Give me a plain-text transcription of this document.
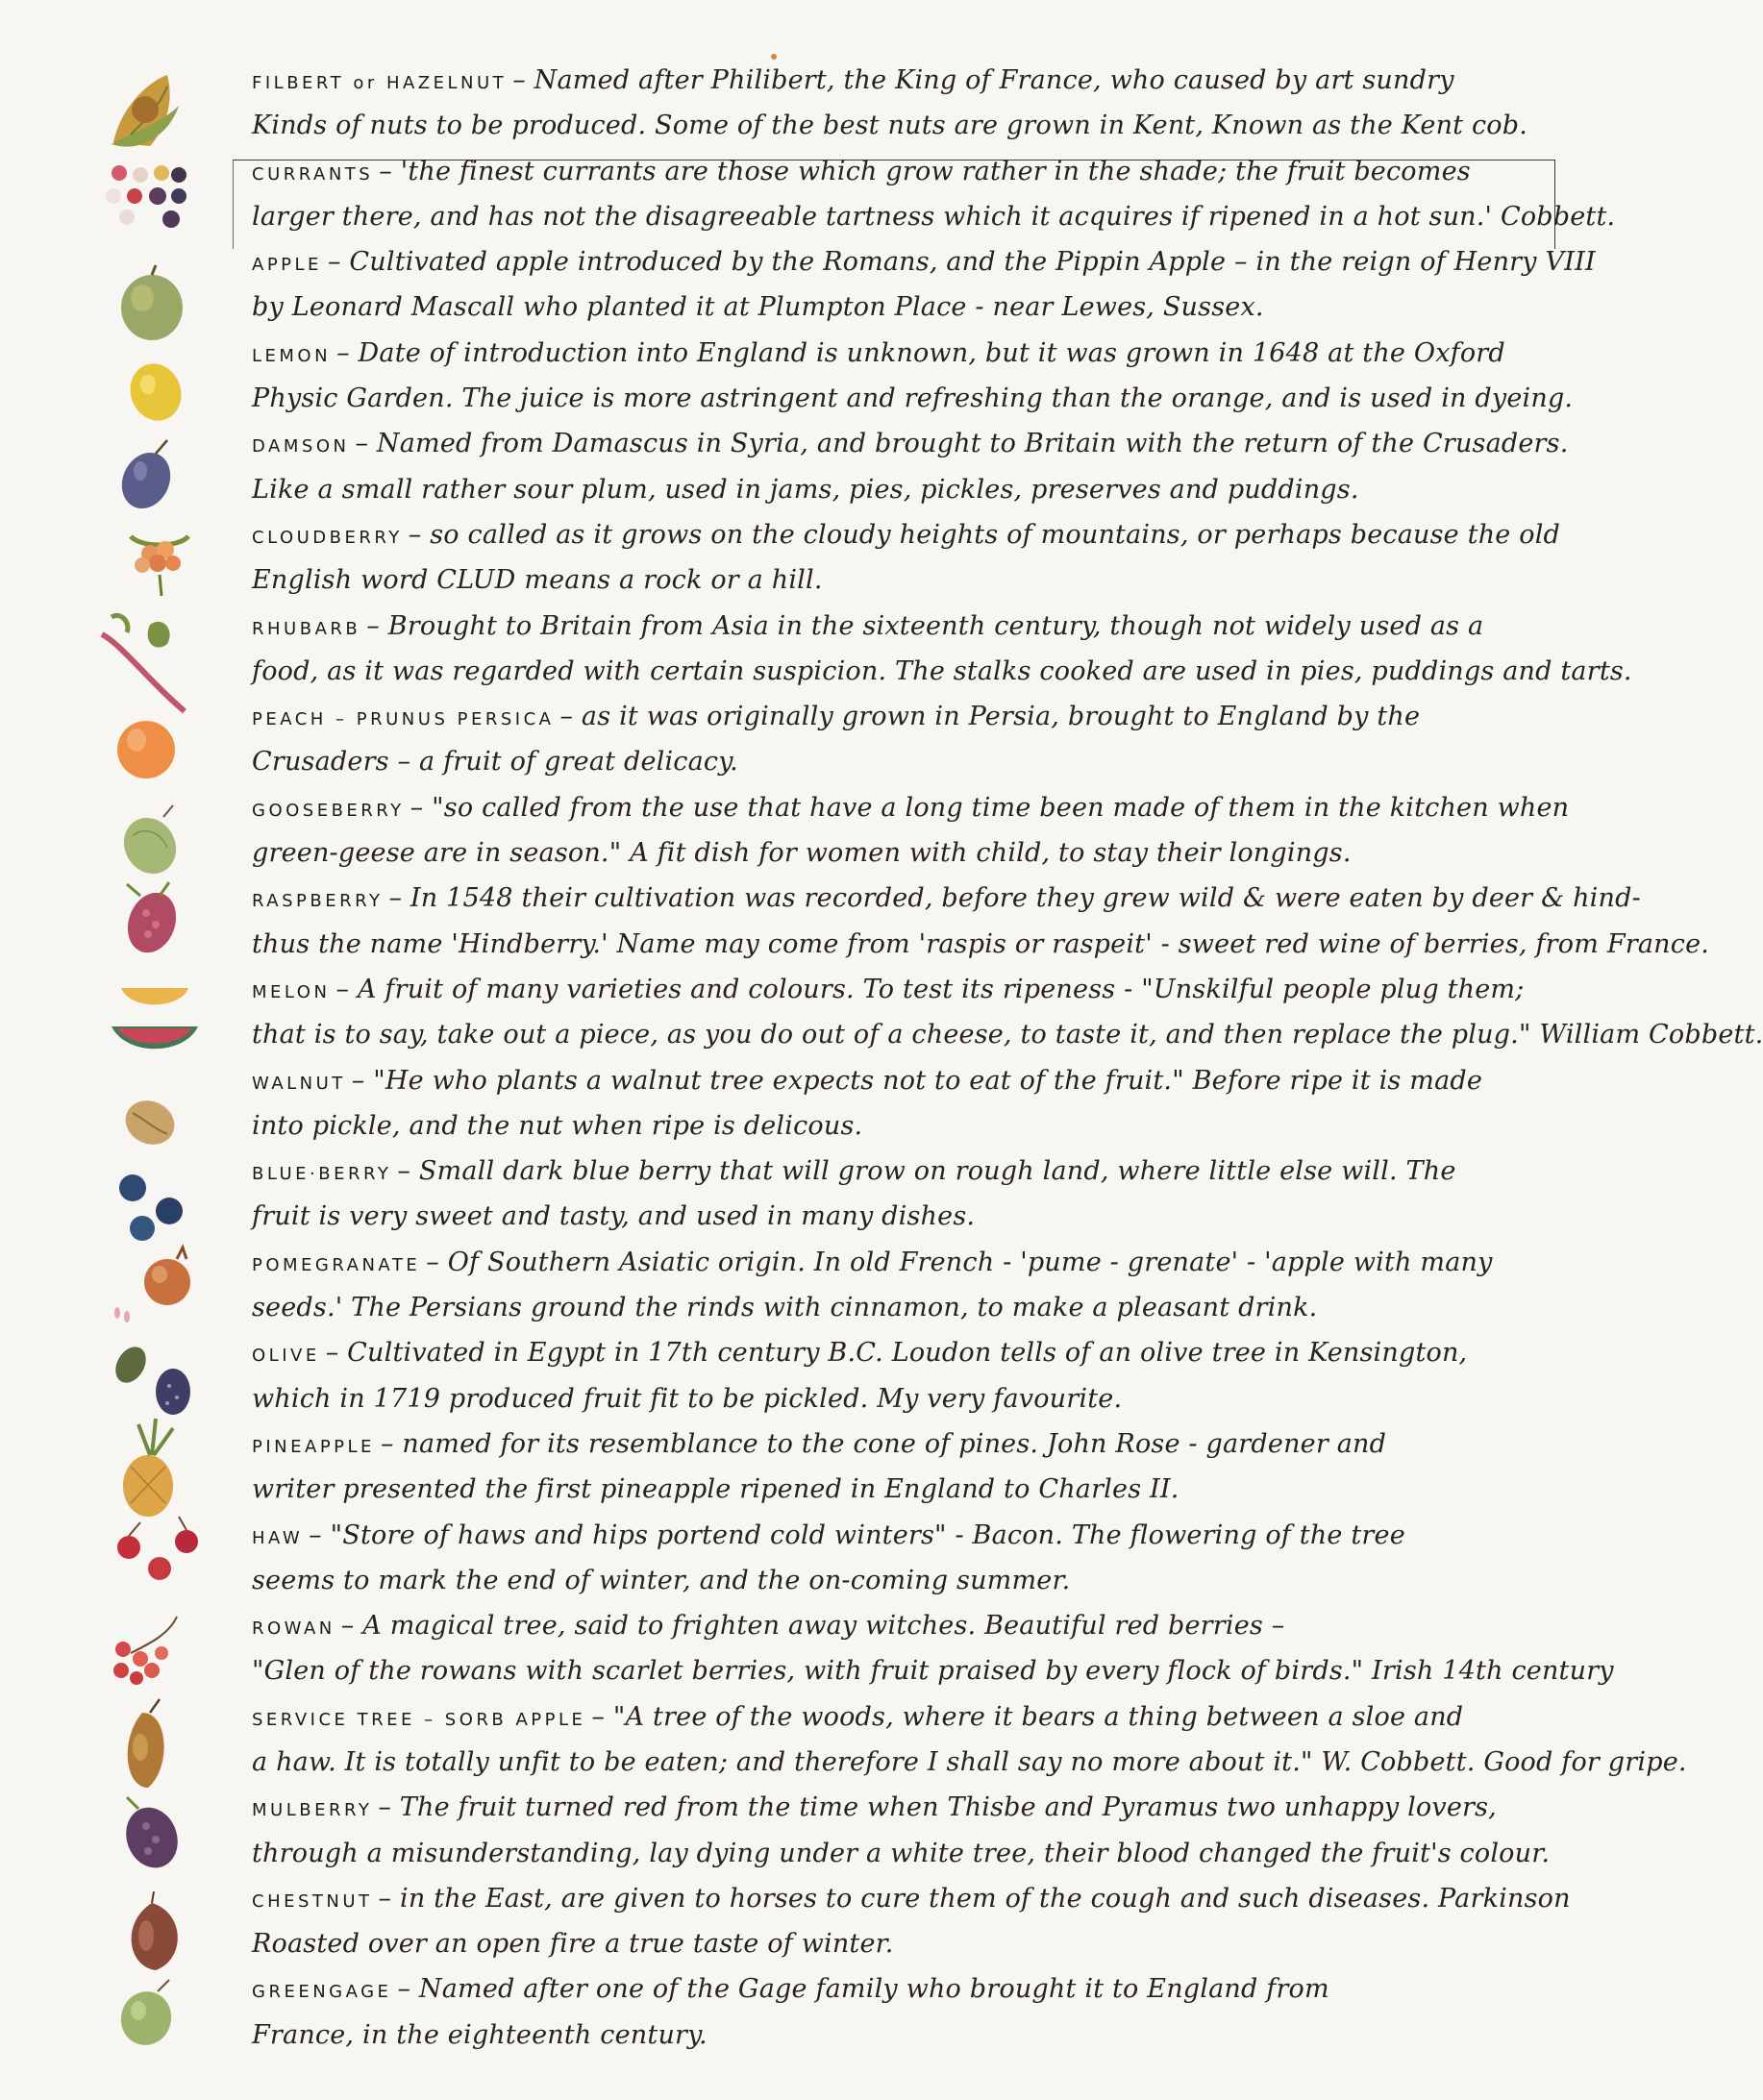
FILBERT or HAZELNUT – Named after Philibert, the King of France, who caused by art sundry
Kinds of nuts to be produced. Some of the best nuts are grown in Kent, Known as the Kent cob.
CURRANTS – 'the finest currants are those which grow rather in the shade; the fruit becomes
larger there, and has not the disagreeable tartness which it acquires if ripened in a hot sun.' Cobbett.
APPLE – Cultivated apple introduced by the Romans, and the Pippin Apple – in the reign of Henry VIII
by Leonard Mascall who planted it at Plumpton Place - near Lewes, Sussex.
LEMON – Date of introduction into England is unknown, but it was grown in 1648 at the Oxford
Physic Garden. The juice is more astringent and refreshing than the orange, and is used in dyeing.
DAMSON – Named from Damascus in Syria, and brought to Britain with the return of the Crusaders.
Like a small rather sour plum, used in jams, pies, pickles, preserves and puddings.
CLOUDBERRY – so called as it grows on the cloudy heights of mountains, or perhaps because the old
English word CLUD means a rock or a hill.
RHUBARB – Brought to Britain from Asia in the sixteenth century, though not widely used as a
food, as it was regarded with certain suspicion. The stalks cooked are used in pies, puddings and tarts.
PEACH – PRUNUS PERSICA – as it was originally grown in Persia, brought to England by the
Crusaders – a fruit of great delicacy.
GOOSEBERRY – "so called from the use that have a long time been made of them in the kitchen when
green-geese are in season." A fit dish for women with child, to stay their longings.
RASPBERRY – In 1548 their cultivation was recorded, before they grew wild & were eaten by deer & hind-
thus the name 'Hindberry.' Name may come from 'raspis or raspeit' - sweet red wine of berries, from France.
MELON – A fruit of many varieties and colours. To test its ripeness - "Unskilful people plug them;
that is to say, take out a piece, as you do out of a cheese, to taste it, and then replace the plug." William Cobbett.
WALNUT – "He who plants a walnut tree expects not to eat of the fruit." Before ripe it is made
into pickle, and the nut when ripe is delicous.
BLUE·BERRY – Small dark blue berry that will grow on rough land, where little else will. The
fruit is very sweet and tasty, and used in many dishes.
POMEGRANATE – Of Southern Asiatic origin. In old French - 'pume - grenate' - 'apple with many
seeds.' The Persians ground the rinds with cinnamon, to make a pleasant drink.
OLIVE – Cultivated in Egypt in 17th century B.C. Loudon tells of an olive tree in Kensington,
which in 1719 produced fruit fit to be pickled. My very favourite.
PINEAPPLE – named for its resemblance to the cone of pines. John Rose - gardener and
writer presented the first pineapple ripened in England to Charles II.
HAW – "Store of haws and hips portend cold winters" - Bacon. The flowering of the tree
seems to mark the end of winter, and the on-coming summer.
ROWAN – A magical tree, said to frighten away witches. Beautiful red berries –
"Glen of the rowans with scarlet berries, with fruit praised by every flock of birds." Irish 14th century
SERVICE TREE – SORB APPLE – "A tree of the woods, where it bears a thing between a sloe and
a haw. It is totally unfit to be eaten; and therefore I shall say no more about it." W. Cobbett. Good for gripe.
MULBERRY – The fruit turned red from the time when Thisbe and Pyramus two unhappy lovers,
through a misunderstanding, lay dying under a white tree, their blood changed the fruit's colour.
CHESTNUT – in the East, are given to horses to cure them of the cough and such diseases. Parkinson
Roasted over an open fire a true taste of winter.
GREENGAGE – Named after one of the Gage family who brought it to England from
France, in the eighteenth century.
